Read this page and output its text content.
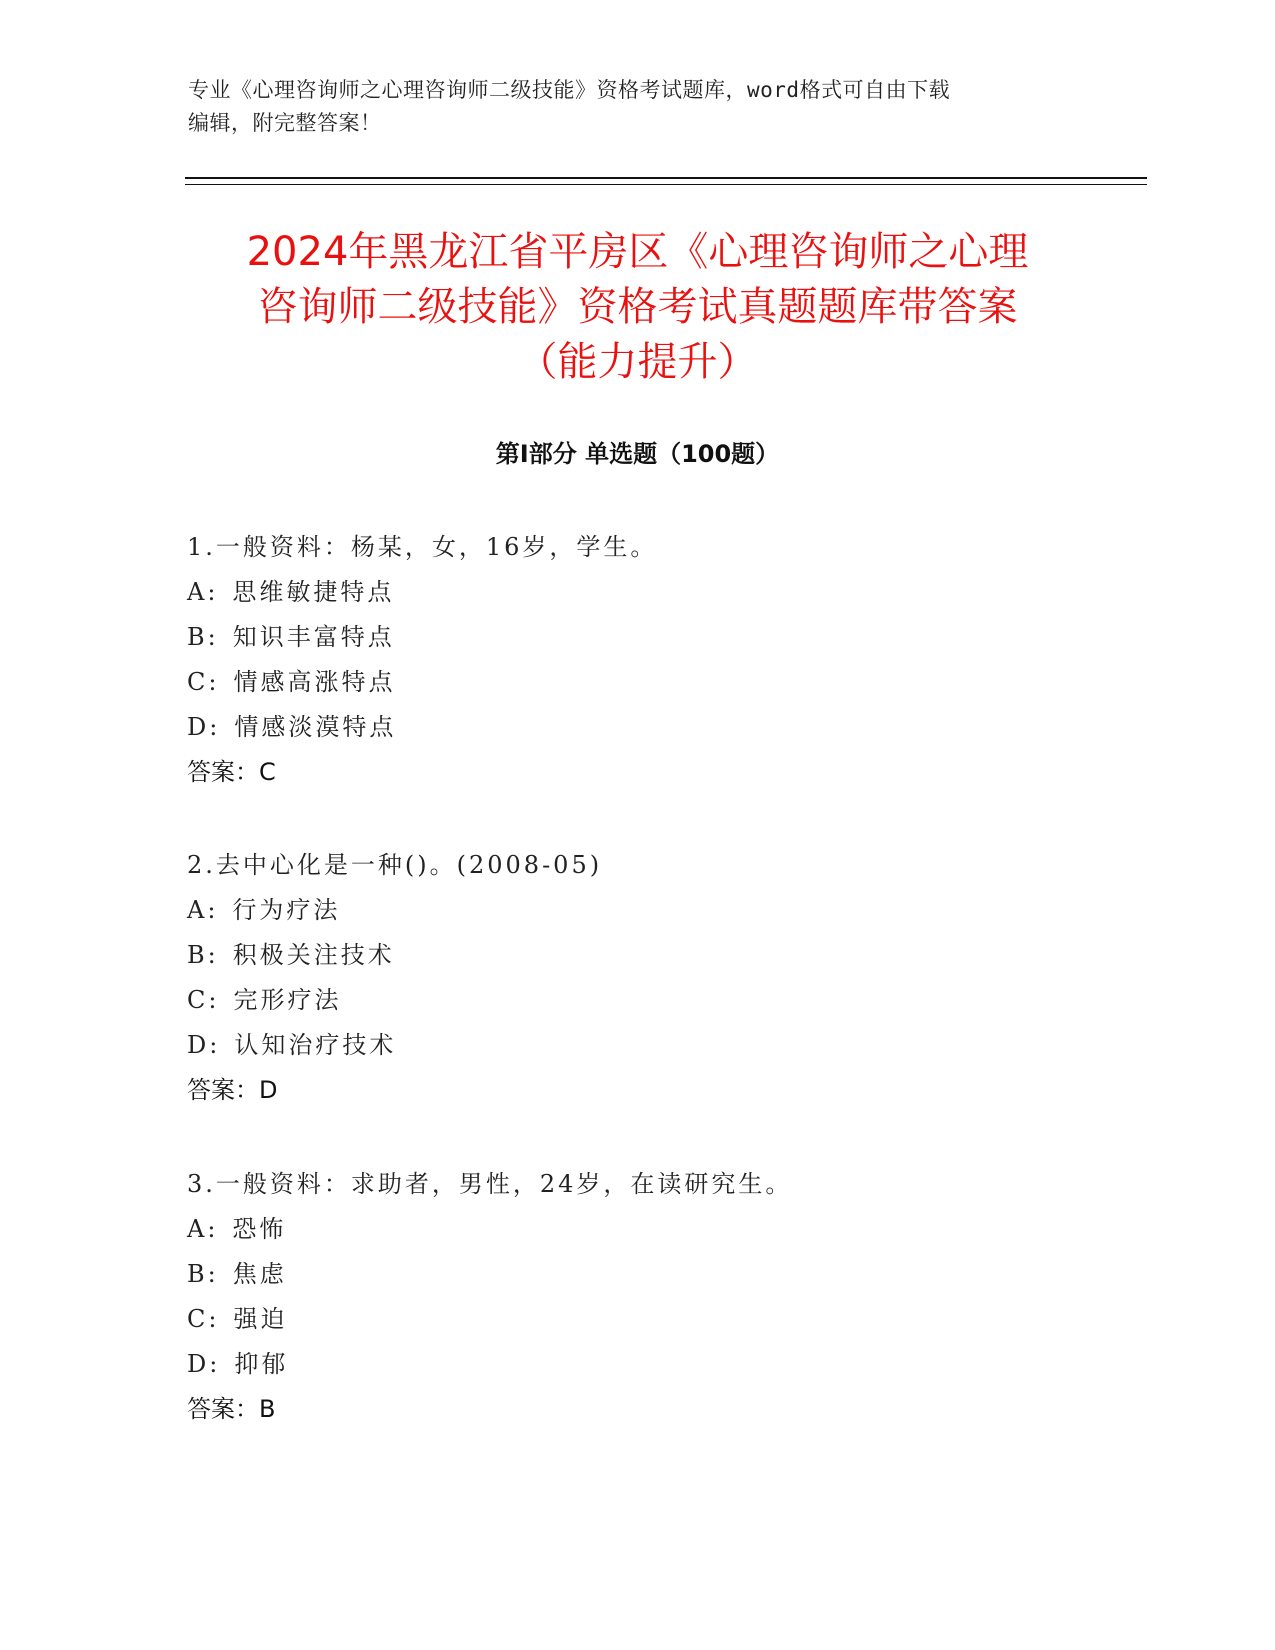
专业《心理咨询师之心理咨询师二级技能》资格考试题库，word格式可自由下载
编辑，附完整答案！
2024年黑龙江省平房区《心理咨询师之心理
咨询师二级技能》资格考试真题题库带答案
（能力提升）
第Ⅰ部分 单选题（100题）
1.一般资料：杨某，女，16岁，学生。
A: 思维敏捷特点
B: 知识丰富特点
C: 情感高涨特点
D: 情感淡漠特点
答案：C
2.去中心化是一种()。(2008-05)
A: 行为疗法
B: 积极关注技术
C: 完形疗法
D: 认知治疗技术
答案：D
3.一般资料：求助者，男性，24岁，在读研究生。
A: 恐怖
B: 焦虑
C: 强迫
D: 抑郁
答案：B
